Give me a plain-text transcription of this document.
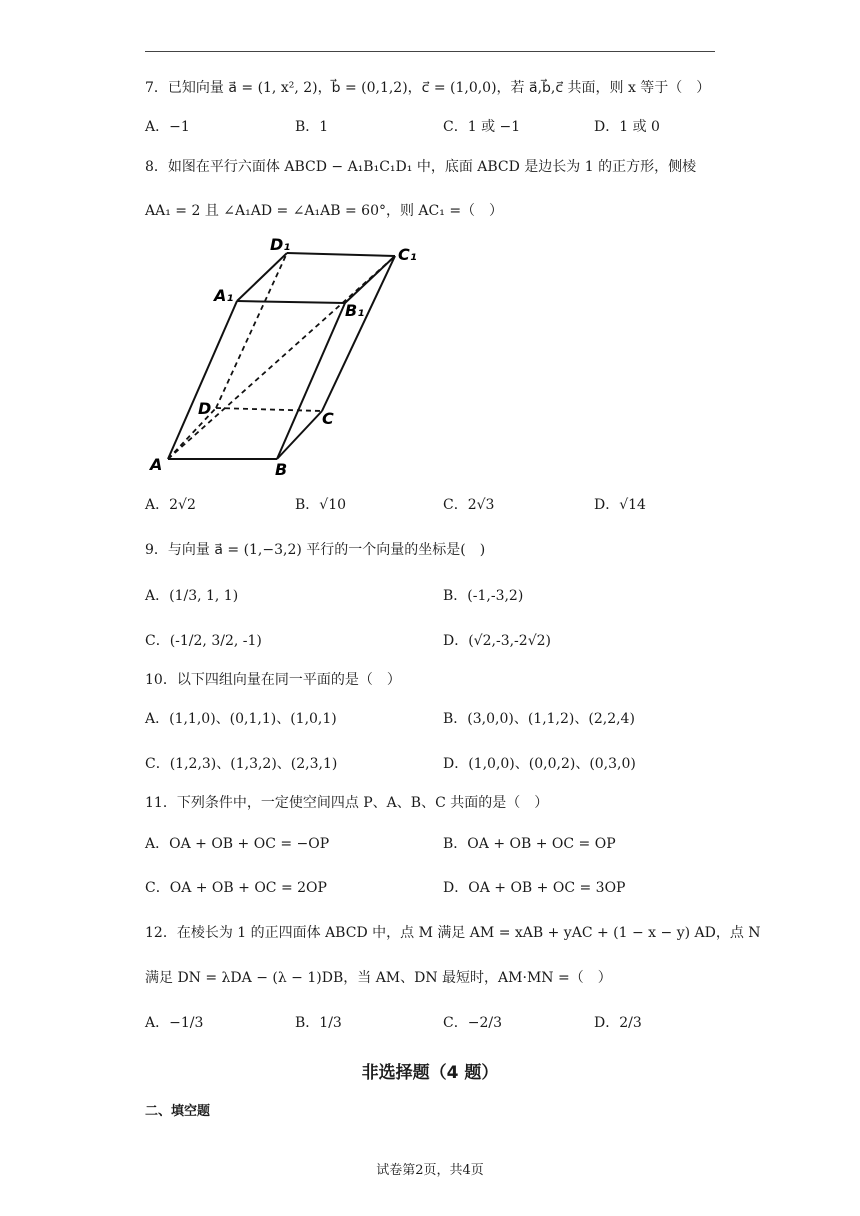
7．已知向量 a⃗ = (1, x², 2)，b⃗ = (0,1,2)，c⃗ = (1,0,0)，若 a⃗,b⃗,c⃗ 共面，则 x 等于（　）
A．−1	B．1	C．1 或 −1	D．1 或 0
8．如图在平行六面体 ABCD − A₁B₁C₁D₁ 中，底面 ABCD 是边长为 1 的正方形，侧棱
AA₁ = 2 且 ∠A₁AD = ∠A₁AB = 60°，则 AC₁ =（　）
D₁
C₁
A₁
B₁
D
C
A	B
A．2√2	B．√10	C．2√3	D．√14
9．与向量 a⃗ = (1,−3,2) 平行的一个向量的坐标是(　)
A．(1/3, 1, 1)	B．(-1,-3,2)
C．(-1/2, 3/2, -1)	D．(√2,-3,-2√2)
10．以下四组向量在同一平面的是（　）
A．(1,1,0)、(0,1,1)、(1,0,1)	B．(3,0,0)、(1,1,2)、(2,2,4)
C．(1,2,3)、(1,3,2)、(2,3,1)	D．(1,0,0)、(0,0,2)、(0,3,0)
11．下列条件中，一定使空间四点 P、A、B、C 共面的是（　）
A．OA + OB + OC = −OP	B．OA + OB + OC = OP
C．OA + OB + OC = 2OP	D．OA + OB + OC = 3OP
12．在棱长为 1 的正四面体 ABCD 中，点 M 满足 AM = xAB + yAC + (1 − x − y) AD，点 N
满足 DN = λDA − (λ − 1)DB，当 AM、DN 最短时，AM·MN =（　）
A．−1/3	B．1/3	C．−2/3	D．2/3
非选择题（4 题）
二、填空题
试卷第2页，共4页
